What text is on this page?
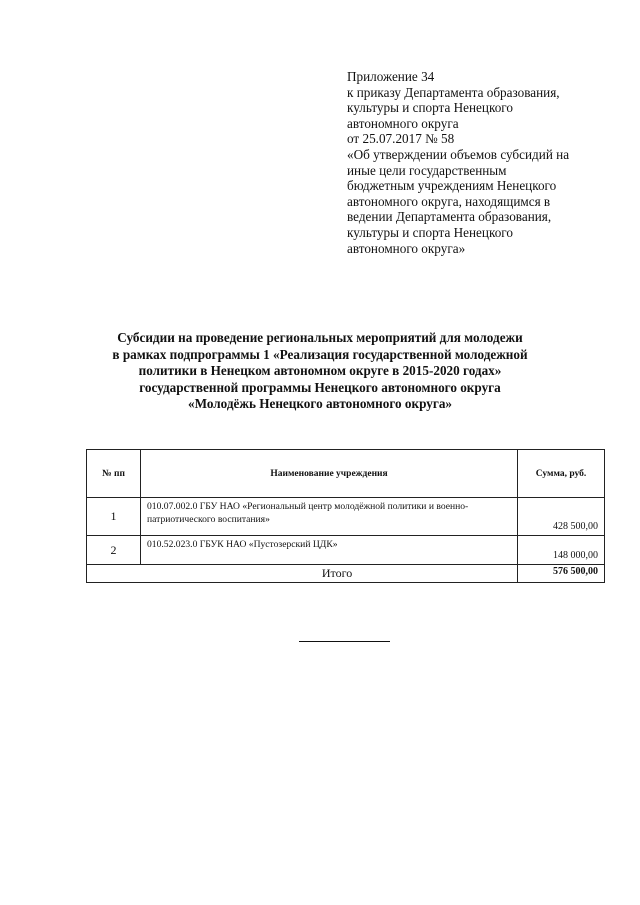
Приложение 34
к приказу Департамента образования,
культуры и спорта Ненецкого
автономного округа
от 25.07.2017 № 58
«Об утверждении объемов субсидий на
иные цели государственным
бюджетным учреждениям Ненецкого
автономного округа, находящимся в
ведении Департамента образования,
культуры и спорта Ненецкого
автономного округа»
Субсидии на проведение региональных мероприятий для молодежи
в рамках подпрограммы 1 «Реализация государственной молодежной
политики в Ненецком автономном округе в 2015-2020 годах»
государственной программы Ненецкого автономного округа
«Молодёжь Ненецкого автономного округа»
№ пп	Наименование учреждения	Сумма, руб.
1	010.07.002.0 ГБУ НАО «Региональный центр молодёжной политики и военно-патриотического воспитания»	428 500,00
2	010.52.023.0 ГБУК НАО «Пустозерский ЦДК»	148 000,00
Итого		576 500,00
